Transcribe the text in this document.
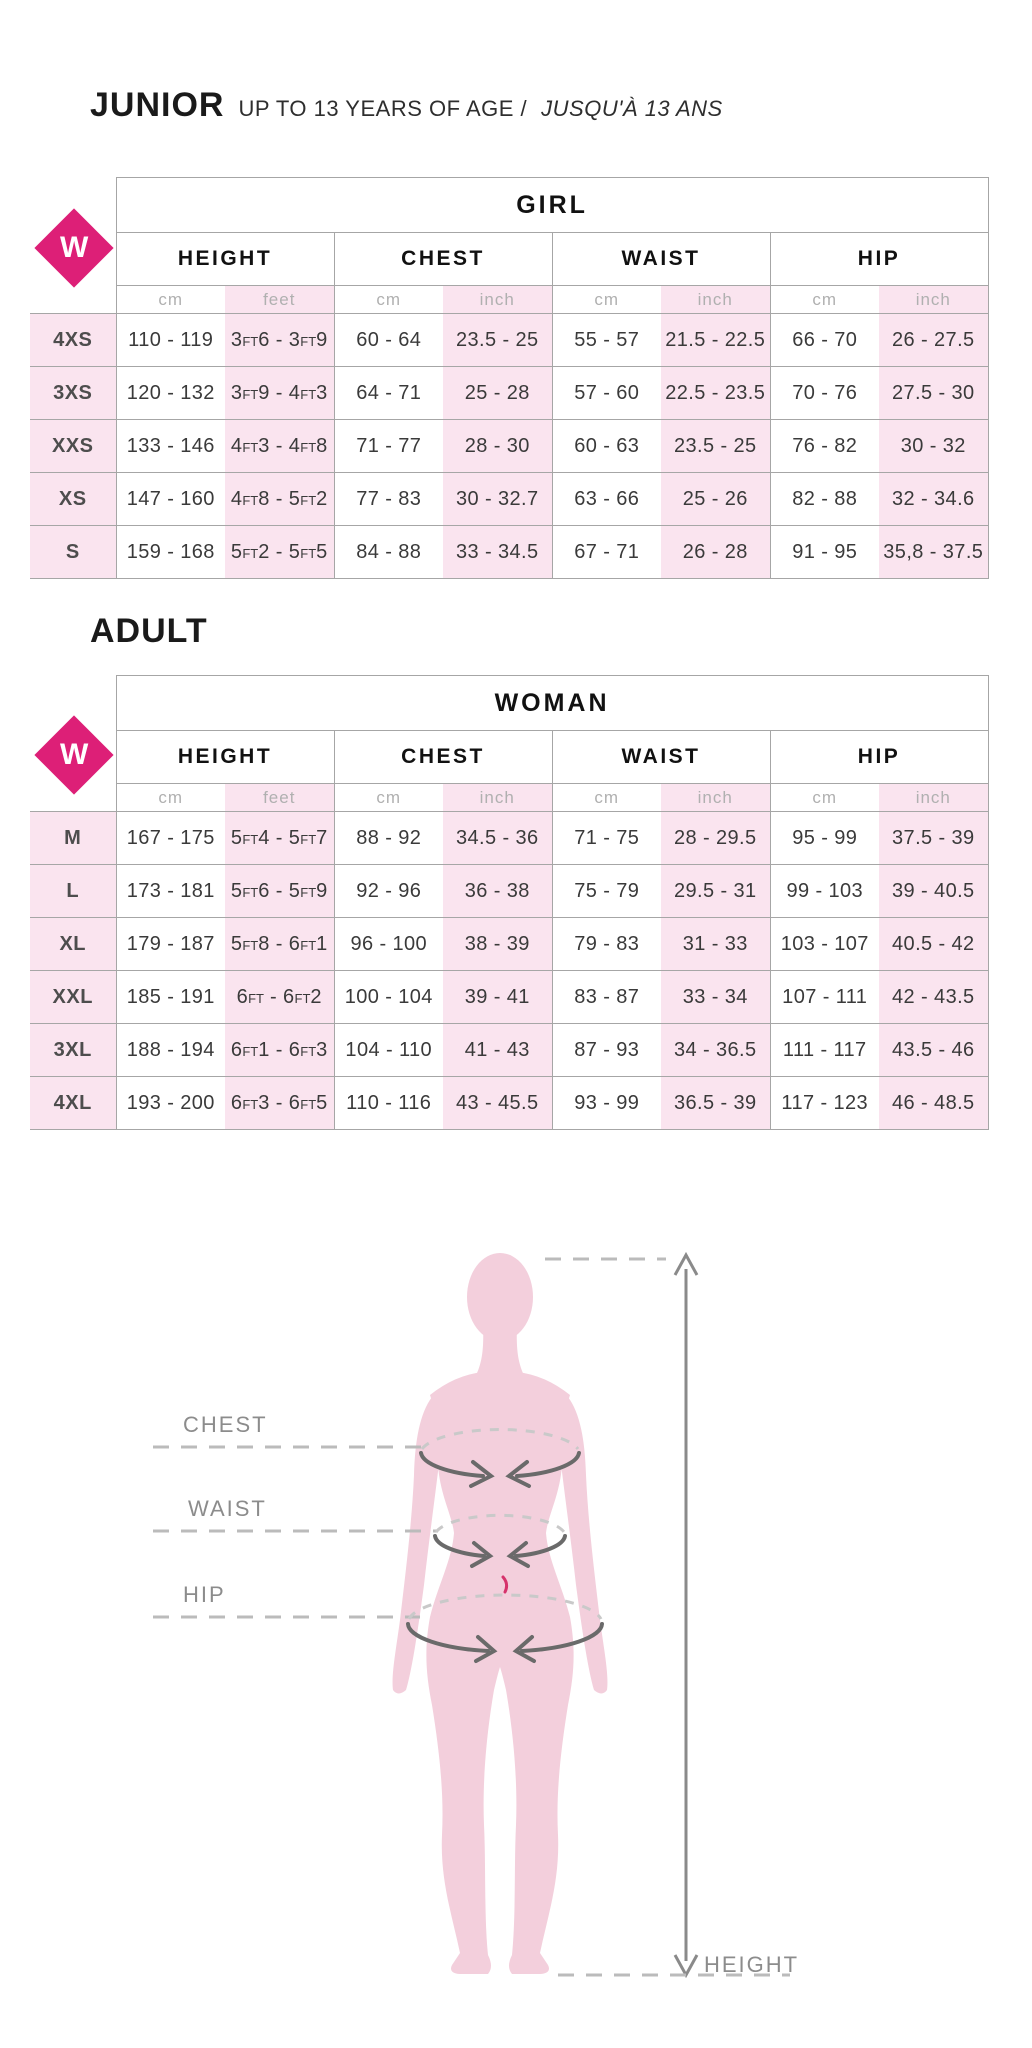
JUNIOR UP TO 13 YEARS OF AGE / JUSQU'À 13 ANS
W
	GIRL							
	HEIGHT		CHEST		WAIST		HIP	
	cm	feet	cm	inch	cm	inch	cm	inch
4XS	110 - 119	3FT6 - 3FT9	60 - 64	23.5 - 25	55 - 57	21.5 - 22.5	66 - 70	26 - 27.5
3XS	120 - 132	3FT9 - 4FT3	64 - 71	25 - 28	57 - 60	22.5 - 23.5	70 - 76	27.5 - 30
XXS	133 - 146	4FT3 - 4FT8	71 - 77	28 - 30	60 - 63	23.5 - 25	76 - 82	30 - 32
XS	147 - 160	4FT8 - 5FT2	77 - 83	30 - 32.7	63 - 66	25 - 26	82 - 88	32 - 34.6
S	159 - 168	5FT2 - 5FT5	84 - 88	33 - 34.5	67 - 71	26 - 28	91 - 95	35,8 - 37.5
ADULT
W
	WOMAN							
	HEIGHT		CHEST		WAIST		HIP	
	cm	feet	cm	inch	cm	inch	cm	inch
M	167 - 175	5FT4 - 5FT7	88 - 92	34.5 - 36	71 - 75	28 - 29.5	95 - 99	37.5 - 39
L	173 - 181	5FT6 - 5FT9	92 - 96	36 - 38	75 - 79	29.5 - 31	99 - 103	39 - 40.5
XL	179 - 187	5FT8 - 6FT1	96 - 100	38 - 39	79 - 83	31 - 33	103 - 107	40.5 - 42
XXL	185 - 191	6FT - 6FT2	100 - 104	39 - 41	83 - 87	33 - 34	107 - 111	42 - 43.5
3XL	188 - 194	6FT1 - 6FT3	104 - 110	41 - 43	87 - 93	34 - 36.5	111 - 117	43.5 - 46
4XL	193 - 200	6FT3 - 6FT5	110 - 116	43 - 45.5	93 - 99	36.5 - 39	117 - 123	46 - 48.5
HEIGHT
CHEST
WAIST
HIP
